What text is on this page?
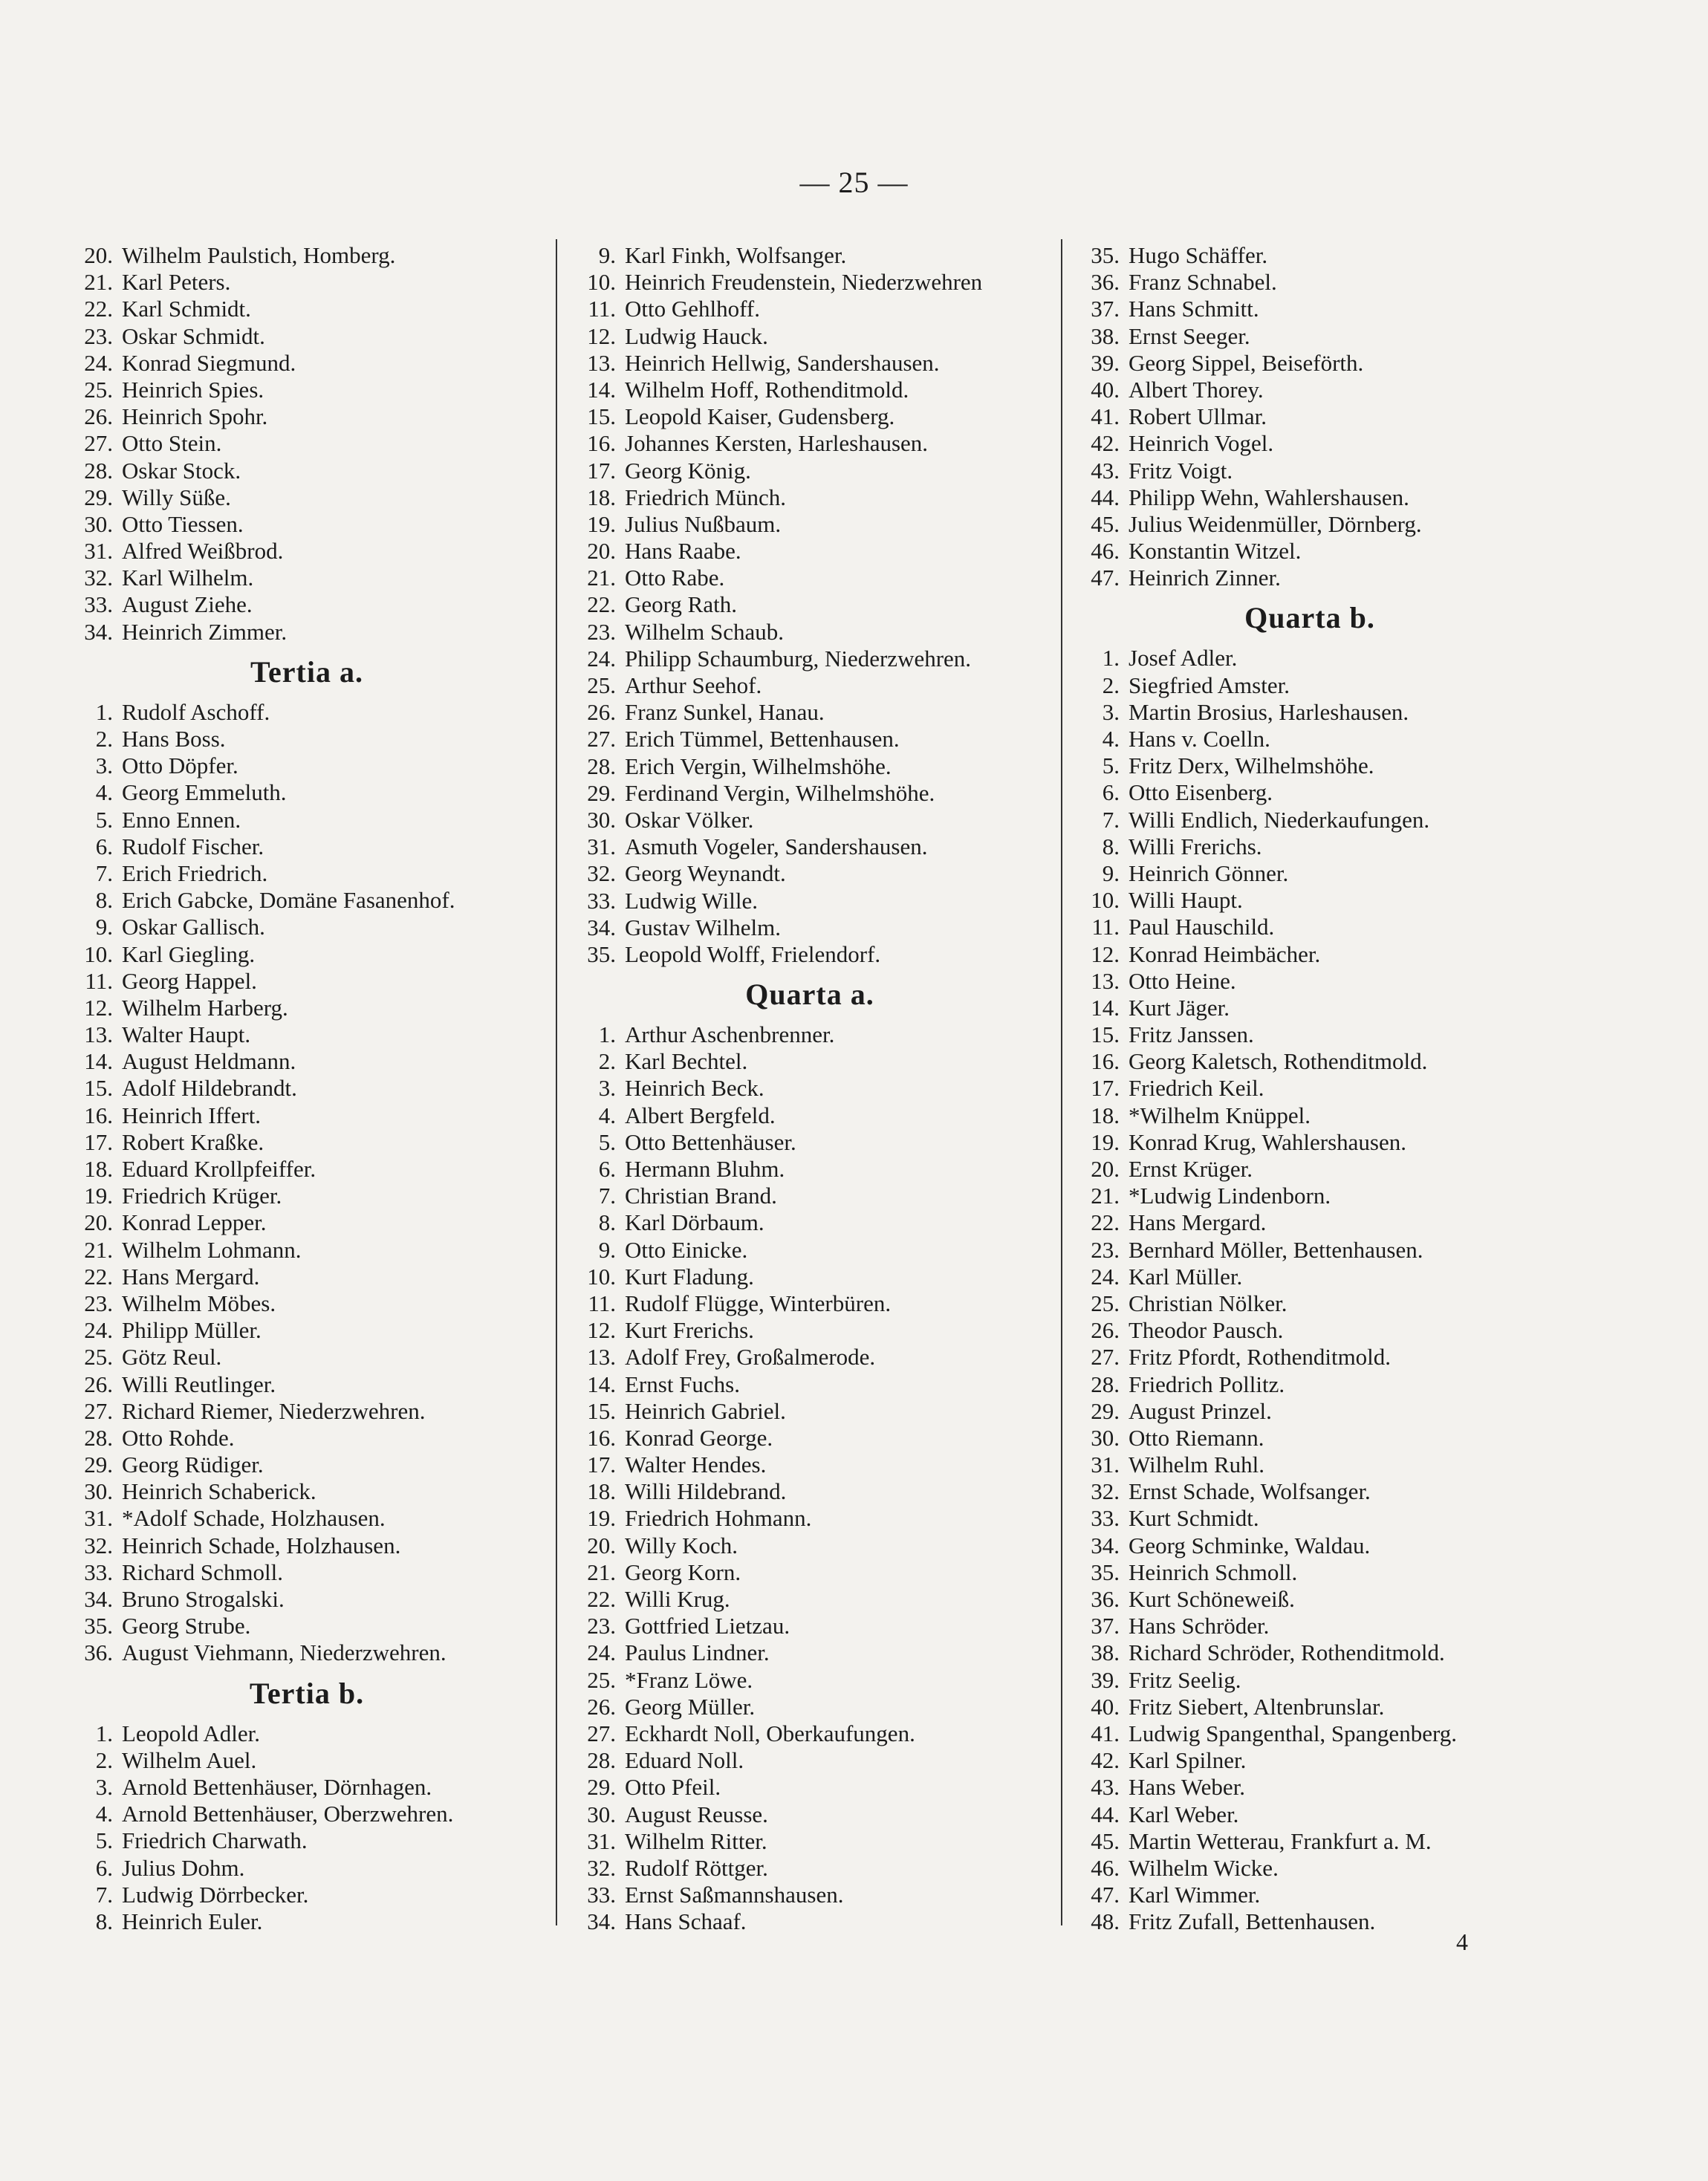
— 25 —
20. Wilhelm Paulstich, Homberg.
21. Karl Peters.
22. Karl Schmidt.
23. Oskar Schmidt.
24. Konrad Siegmund.
25. Heinrich Spies.
26. Heinrich Spohr.
27. Otto Stein.
28. Oskar Stock.
29. Willy Süße.
30. Otto Tiessen.
31. Alfred Weißbrod.
32. Karl Wilhelm.
33. August Ziehe.
34. Heinrich Zimmer.
Tertia a.
1. Rudolf Aschoff.
2. Hans Boss.
3. Otto Döpfer.
4. Georg Emmeluth.
5. Enno Ennen.
6. Rudolf Fischer.
7. Erich Friedrich.
8. Erich Gabcke, Domäne Fasanenhof.
9. Oskar Gallisch.
10. Karl Giegling.
11. Georg Happel.
12. Wilhelm Harberg.
13. Walter Haupt.
14. August Heldmann.
15. Adolf Hildebrandt.
16. Heinrich Iffert.
17. Robert Kraßke.
18. Eduard Krollpfeiffer.
19. Friedrich Krüger.
20. Konrad Lepper.
21. Wilhelm Lohmann.
22. Hans Mergard.
23. Wilhelm Möbes.
24. Philipp Müller.
25. Götz Reul.
26. Willi Reutlinger.
27. Richard Riemer, Niederzwehren.
28. Otto Rohde.
29. Georg Rüdiger.
30. Heinrich Schaberick.
31. *Adolf Schade, Holzhausen.
32. Heinrich Schade, Holzhausen.
33. Richard Schmoll.
34. Bruno Strogalski.
35. Georg Strube.
36. August Viehmann, Niederzwehren.
Tertia b.
1. Leopold Adler.
2. Wilhelm Auel.
3. Arnold Bettenhäuser, Dörnhagen.
4. Arnold Bettenhäuser, Oberzwehren.
5. Friedrich Charwath.
6. Julius Dohm.
7. Ludwig Dörrbecker.
8. Heinrich Euler.
9. Karl Finkh, Wolfsanger.
10. Heinrich Freudenstein, Niederzwehren
11. Otto Gehlhoff.
12. Ludwig Hauck.
13. Heinrich Hellwig, Sandershausen.
14. Wilhelm Hoff, Rothenditmold.
15. Leopold Kaiser, Gudensberg.
16. Johannes Kersten, Harleshausen.
17. Georg König.
18. Friedrich Münch.
19. Julius Nußbaum.
20. Hans Raabe.
21. Otto Rabe.
22. Georg Rath.
23. Wilhelm Schaub.
24. Philipp Schaumburg, Niederzwehren.
25. Arthur Seehof.
26. Franz Sunkel, Hanau.
27. Erich Tümmel, Bettenhausen.
28. Erich Vergin, Wilhelmshöhe.
29. Ferdinand Vergin, Wilhelmshöhe.
30. Oskar Völker.
31. Asmuth Vogeler, Sandershausen.
32. Georg Weynandt.
33. Ludwig Wille.
34. Gustav Wilhelm.
35. Leopold Wolff, Frielendorf.
Quarta a.
1. Arthur Aschenbrenner.
2. Karl Bechtel.
3. Heinrich Beck.
4. Albert Bergfeld.
5. Otto Bettenhäuser.
6. Hermann Bluhm.
7. Christian Brand.
8. Karl Dörbaum.
9. Otto Einicke.
10. Kurt Fladung.
11. Rudolf Flügge, Winterbüren.
12. Kurt Frerichs.
13. Adolf Frey, Großalmerode.
14. Ernst Fuchs.
15. Heinrich Gabriel.
16. Konrad George.
17. Walter Hendes.
18. Willi Hildebrand.
19. Friedrich Hohmann.
20. Willy Koch.
21. Georg Korn.
22. Willi Krug.
23. Gottfried Lietzau.
24. Paulus Lindner.
25. *Franz Löwe.
26. Georg Müller.
27. Eckhardt Noll, Oberkaufungen.
28. Eduard Noll.
29. Otto Pfeil.
30. August Reusse.
31. Wilhelm Ritter.
32. Rudolf Röttger.
33. Ernst Saßmannshausen.
34. Hans Schaaf.
35. Hugo Schäffer.
36. Franz Schnabel.
37. Hans Schmitt.
38. Ernst Seeger.
39. Georg Sippel, Beiseförth.
40. Albert Thorey.
41. Robert Ullmar.
42. Heinrich Vogel.
43. Fritz Voigt.
44. Philipp Wehn, Wahlershausen.
45. Julius Weidenmüller, Dörnberg.
46. Konstantin Witzel.
47. Heinrich Zinner.
Quarta b.
1. Josef Adler.
2. Siegfried Amster.
3. Martin Brosius, Harleshausen.
4. Hans v. Coelln.
5. Fritz Derx, Wilhelmshöhe.
6. Otto Eisenberg.
7. Willi Endlich, Niederkaufungen.
8. Willi Frerichs.
9. Heinrich Gönner.
10. Willi Haupt.
11. Paul Hauschild.
12. Konrad Heimbächer.
13. Otto Heine.
14. Kurt Jäger.
15. Fritz Janssen.
16. Georg Kaletsch, Rothenditmold.
17. Friedrich Keil.
18. *Wilhelm Knüppel.
19. Konrad Krug, Wahlershausen.
20. Ernst Krüger.
21. *Ludwig Lindenborn.
22. Hans Mergard.
23. Bernhard Möller, Bettenhausen.
24. Karl Müller.
25. Christian Nölker.
26. Theodor Pausch.
27. Fritz Pfordt, Rothenditmold.
28. Friedrich Pollitz.
29. August Prinzel.
30. Otto Riemann.
31. Wilhelm Ruhl.
32. Ernst Schade, Wolfsanger.
33. Kurt Schmidt.
34. Georg Schminke, Waldau.
35. Heinrich Schmoll.
36. Kurt Schöneweiß.
37. Hans Schröder.
38. Richard Schröder, Rothenditmold.
39. Fritz Seelig.
40. Fritz Siebert, Altenbrunslar.
41. Ludwig Spangenthal, Spangenberg.
42. Karl Spilner.
43. Hans Weber.
44. Karl Weber.
45. Martin Wetterau, Frankfurt a. M.
46. Wilhelm Wicke.
47. Karl Wimmer.
48. Fritz Zufall, Bettenhausen.
4
